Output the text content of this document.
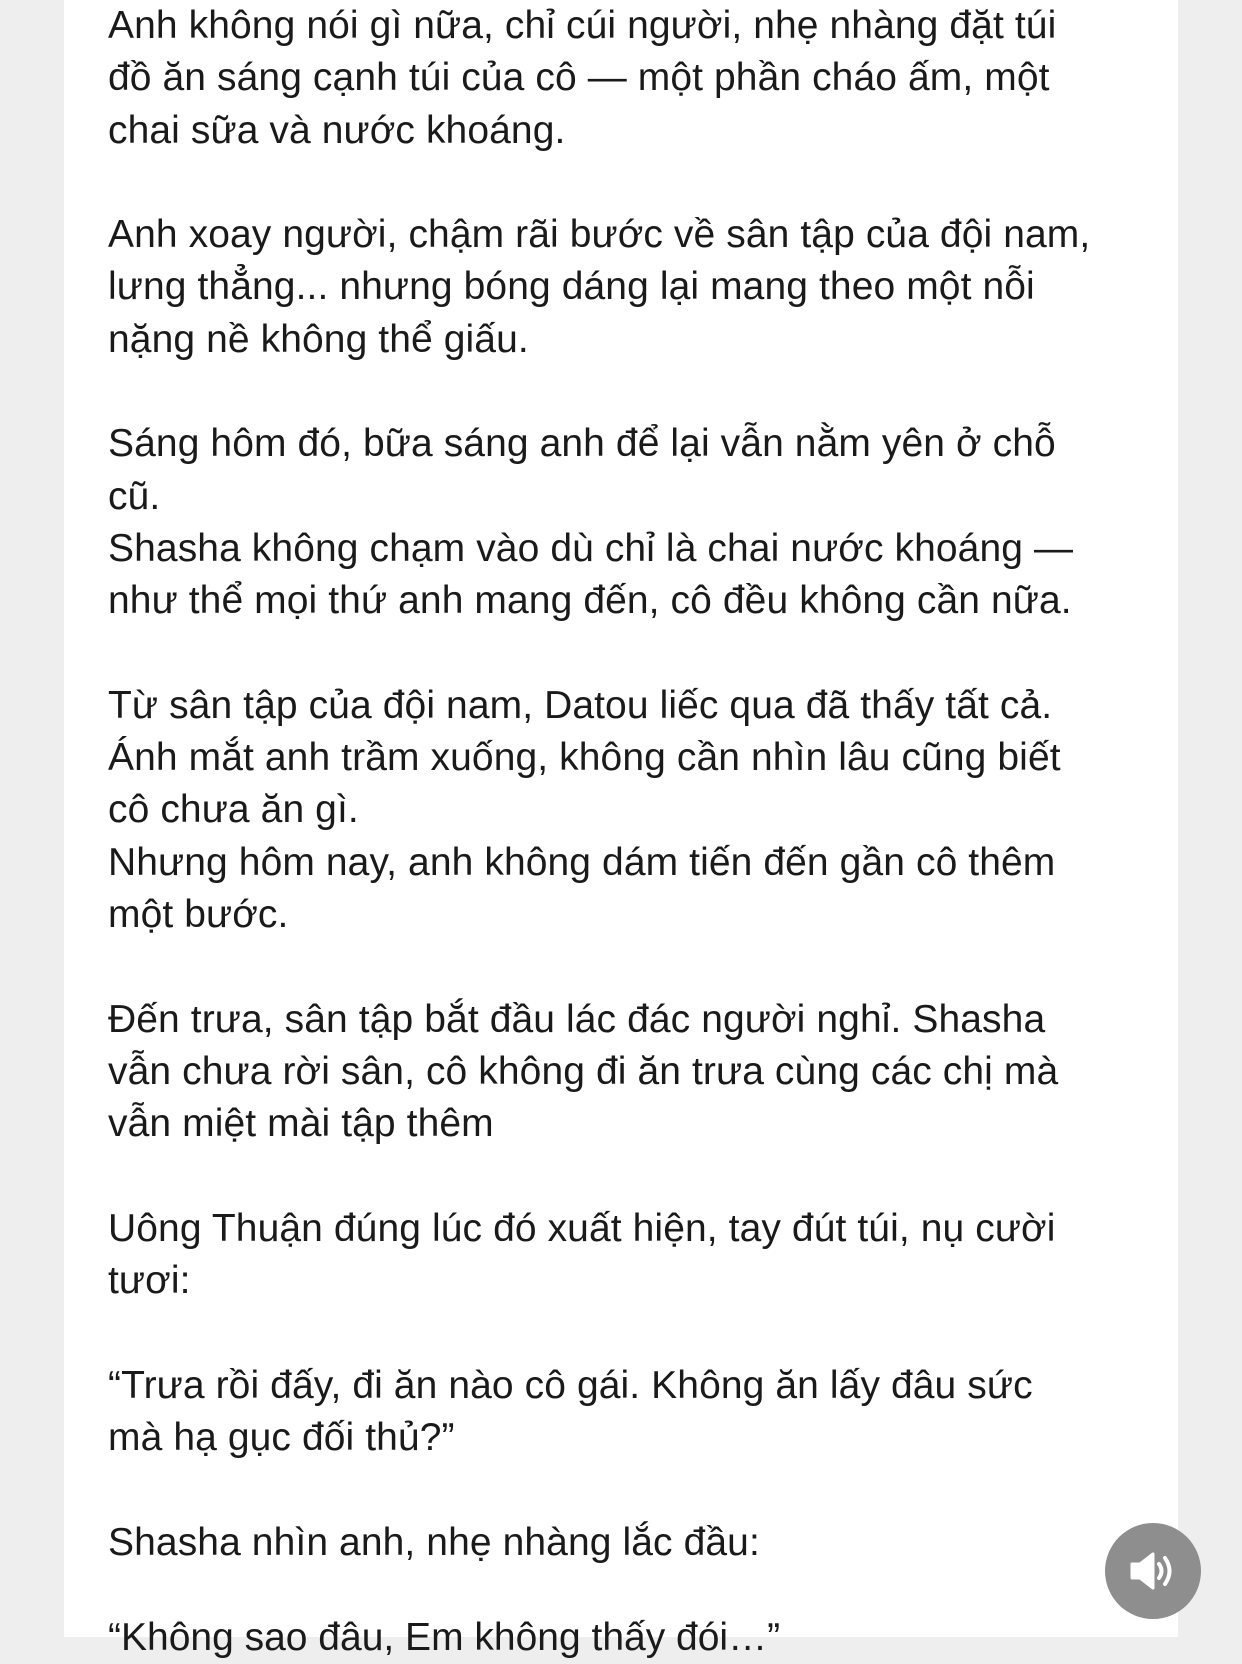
Anh không nói gì nữa, chỉ cúi người, nhẹ nhàng đặt túi
đồ ăn sáng cạnh túi của cô — một phần cháo ấm, một
chai sữa và nước khoáng.
Anh xoay người, chậm rãi bước về sân tập của đội nam,
lưng thẳng... nhưng bóng dáng lại mang theo một nỗi
nặng nề không thể giấu.
Sáng hôm đó, bữa sáng anh để lại vẫn nằm yên ở chỗ
cũ.
Shasha không chạm vào dù chỉ là chai nước khoáng —
như thể mọi thứ anh mang đến, cô đều không cần nữa.
Từ sân tập của đội nam, Datou liếc qua đã thấy tất cả.
Ánh mắt anh trầm xuống, không cần nhìn lâu cũng biết
cô chưa ăn gì.
Nhưng hôm nay, anh không dám tiến đến gần cô thêm
một bước.
Đến trưa, sân tập bắt đầu lác đác người nghỉ. Shasha
vẫn chưa rời sân, cô không đi ăn trưa cùng các chị mà
vẫn miệt mài tập thêm
Uông Thuận đúng lúc đó xuất hiện, tay đút túi, nụ cười
tươi:
“Trưa rồi đấy, đi ăn nào cô gái. Không ăn lấy đâu sức
mà hạ gục đối thủ?”
Shasha nhìn anh, nhẹ nhàng lắc đầu:
“Không sao đâu, Em không thấy đói…”
